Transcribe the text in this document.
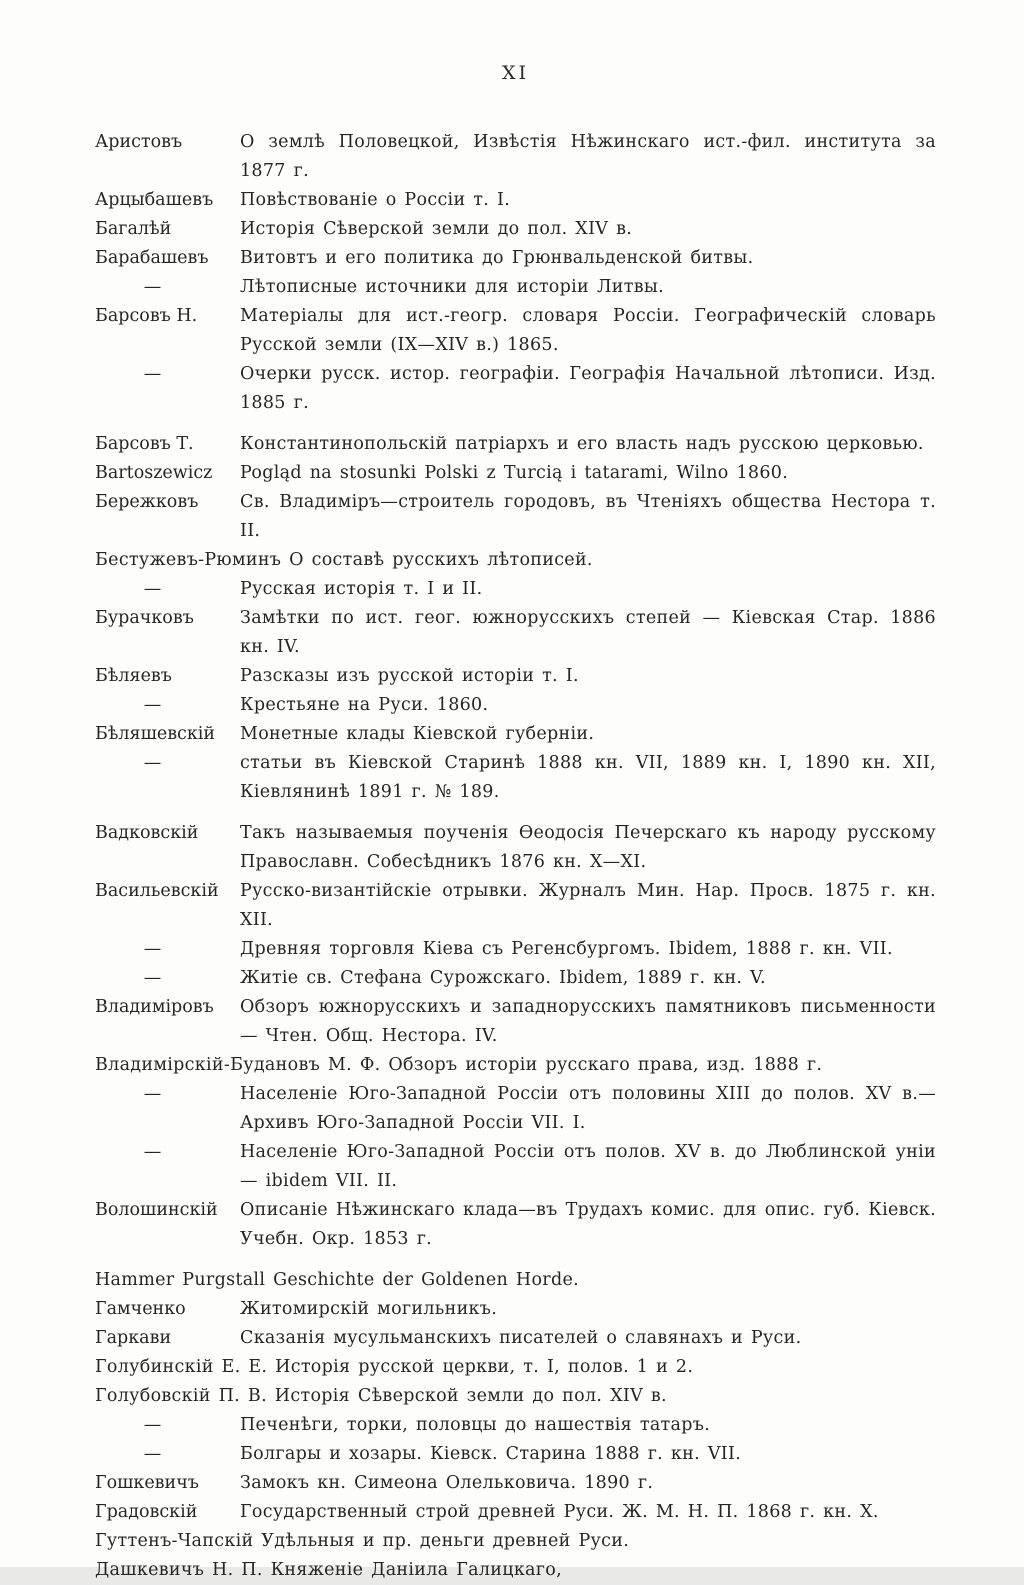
XI
Аристовъ	О землѣ Половецкой, Извѣстія Нѣжинскаго ист.-фил. института за 1877 г.
Арцыбашевъ	Повѣствованіе о Россіи т. I.
Багалѣй	Исторія Сѣверской земли до пол. XIV в.
Барабашевъ	Витовтъ и его политика до Грюнвальденской битвы.
—	Лѣтописные источники для исторіи Литвы.
Барсовъ Н.	Матеріалы для ист.-геогр. словаря Россіи. Географическій словарь Русской земли (IX—XIV в.) 1865.
—	Очерки русск. истор. географіи. Географія Начальной лѣтописи. Изд. 1885 г.
Барсовъ Т.	Константинопольскій патріархъ и его власть надъ русскою церковью.
Bartoszewicz	Pogląd na stosunki Polski z Turcią i tatarami, Wilno 1860.
Бережковъ	Св. Владиміръ—строитель городовъ, въ Чтеніяхъ общества Нестора т. II.
Бестужевъ-Рюминъ О составѣ русскихъ лѣтописей.
—	Русская исторія т. I и II.
Бурачковъ	Замѣтки по ист. геог. южнорусскихъ степей — Кіевская Стар. 1886 кн. IV.
Бѣляевъ	Разсказы изъ русской исторіи т. I.
—	Крестьяне на Руси. 1860.
Бѣляшевскій	Монетные клады Кіевской губерніи.
—	статьи въ Кіевской Старинѣ 1888 кн. VII, 1889 кн. I, 1890 кн. XII, Кіевлянинѣ 1891 г. № 189.
Вадковскій	Такъ называемыя поученія Ѳеодосія Печерскаго къ народу русскому Православн. Собесѣдникъ 1876 кн. X—XI.
Васильевскій	Русско-византійскіе отрывки. Журналъ Мин. Нар. Просв. 1875 г. кн. XII.
—	Древняя торговля Кіева съ Регенсбургомъ. Ibidem, 1888 г. кн. VII.
—	Житіе св. Стефана Сурожскаго. Ibidem, 1889 г. кн. V.
Владиміровъ	Обзоръ южнорусскихъ и западнорусскихъ памятниковъ письменности — Чтен. Общ. Нестора. IV.
Владимірскій-Будановъ М. Ф. Обзоръ исторіи русскаго права, изд. 1888 г.
—	Населеніе Юго-Западной Россіи отъ половины XIII до полов. XV в.— Архивъ Юго-Западной Россіи VII. I.
—	Населеніе Юго-Западной Россіи отъ полов. XV в. до Люблинской уніи— ibidem VII. II.
Волошинскій	Описаніе Нѣжинскаго клада—въ Трудахъ комис. для опис. губ. Кіевск. Учебн. Окр. 1853 г.
Hammer Purgstall Geschichte der Goldenen Horde.
Гамченко	Житомирскій могильникъ.
Гаркави	Сказанія мусульманскихъ писателей о славянахъ и Руси.
Голубинскій Е. Е. Исторія русской церкви, т. I, полов. 1 и 2.
Голубовскій П. В. Исторія Сѣверской земли до пол. XIV в.
—	Печенѣги, торки, половцы до нашествія татаръ.
—	Болгары и хозары. Кіевск. Старина 1888 г. кн. VII.
Гошкевичъ	Замокъ кн. Симеона Олельковича. 1890 г.
Градовскій	Государственный строй древней Руси. Ж. М. Н. П. 1868 г. кн. X.
Гуттенъ-Чапскій Удѣльныя и пр. деньги древней Руси.
Дашкевичъ Н. П. Княженіе Даніила Галицкаго,
